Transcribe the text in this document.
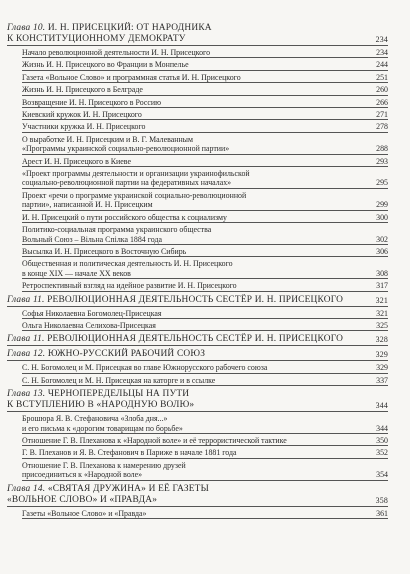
Глава 10. И. Н. ПРИСЕЦКИЙ: ОТ НАРОДНИКА
К КОНСТИТУЦИОННОМУ ДЕМОКРАТУ	234
Начало революционной деятельности И. Н. Присецкого	234
Жизнь И. Н. Присецкого во Франции в Монпелье	244
Газета «Вольное Слово» и программная статья И. Н. Присецкого	251
Жизнь И. Н. Присецкого в Белграде	260
Возвращение И. Н. Присецкого в Россию	266
Киевский кружок И. Н. Присецкого	271
Участники кружка И. Н. Присецкого	278
О выработке И. Н. Присецким и В. Г. Малеванным
«Программы украинской социально-революционной партии»	288
Арест И. Н. Присецкого в Киеве	293
«Проект программы деятельности и организации украинофильской
социально-революционной партии на федеративных началах»	295
Проект «речи о программе украинской социально-революционной
партии», написанной И. Н. Присецким	299
И. Н. Присецкий о пути российского общества к социализму	300
Политико-социальная программа украинского общества
Вольный Союз – Вiльна Спiлка 1884 года	302
Высылка И. Н. Присецкого в Восточную Сибирь	306
Общественная и политическая деятельность И. Н. Присецкого
в конце XIX — начале XX веков	308
Ретроспективный взгляд на идейное развитие И. Н. Присецкого	317
Глава 11. РЕВОЛЮЦИОННАЯ ДЕЯТЕЛЬНОСТЬ СЕСТЁР И. Н. ПРИСЕЦКОГО	321
Софья Николаевна Богомолец-Присецкая	321
Ольга Николаевна Селихова-Присецкая	325
Глава 11. РЕВОЛЮЦИОННАЯ ДЕЯТЕЛЬНОСТЬ СЕСТЁР И. Н. ПРИСЕЦКОГО	328
Глава 12. ЮЖНО-РУССКИЙ РАБОЧИЙ СОЮЗ	329
С. Н. Богомолец и М. Присецкая во главе Южнорусского рабочего союза	329
С. Н. Богомолец и М. Н. Присецкая на каторге и в ссылке	337
Глава 13. ЧЕРНОПЕРЕДЕЛЬЦЫ НА ПУТИ
К ВСТУПЛЕНИЮ В «НАРОДНУЮ ВОЛЮ»	344
Брошюра Я. В. Стефановича «Злоба дня...»
и его письма к «дорогим товарищам по борьбе»	344
Отношение Г. В. Плеханова к «Народной воле» и её террористической тактике	350
Г. В. Плеханов и Я. В. Стефанович в Париже в начале 1881 года	352
Отношение Г. В. Плеханова к намерению друзей
присоединиться к «Народной воле»	354
Глава 14. «СВЯТАЯ ДРУЖИНА» И ЕЁ ГАЗЕТЫ
«ВОЛЬНОЕ СЛОВО» И «ПРАВДА»	358
Газеты «Вольное Слово» и «Правда»	361
